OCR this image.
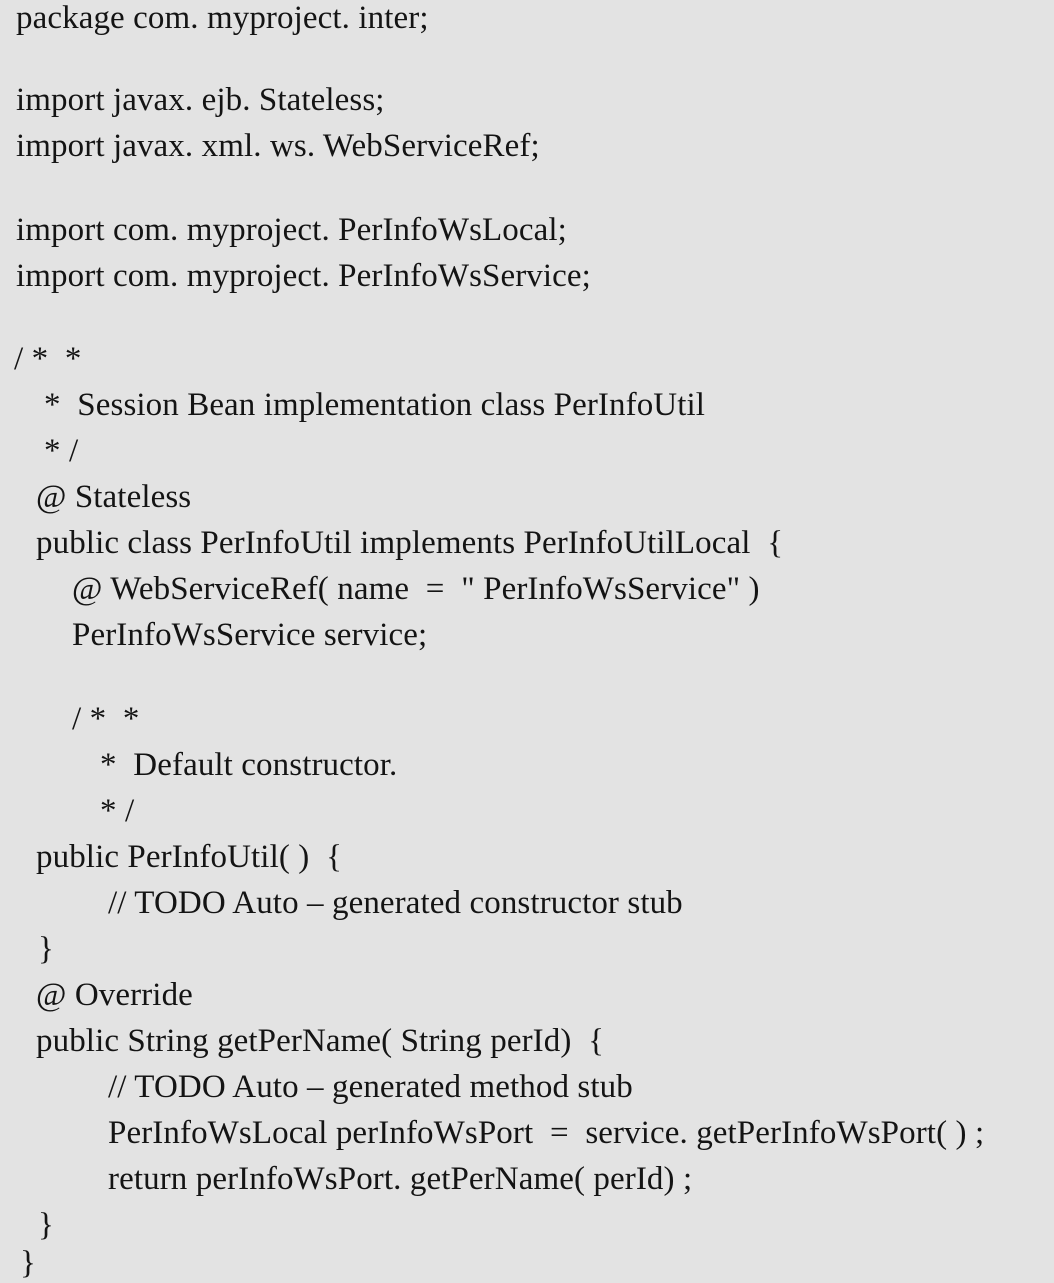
package com. myproject. inter;
import javax. ejb. Stateless;
import javax. xml. ws. WebServiceRef;
import com. myproject. PerInfoWsLocal;
import com. myproject. PerInfoWsService;
/ *  *
*  Session Bean implementation class PerInfoUtil
* /
@ Stateless
public class PerInfoUtil implements PerInfoUtilLocal  {
@ WebServiceRef( name  =  " PerInfoWsService" )
PerInfoWsService service;
/ *  *
*  Default constructor.
* /
public PerInfoUtil( )  {
// TODO Auto – generated constructor stub
}
@ Override
public String getPerName( String perId)  {
// TODO Auto – generated method stub
PerInfoWsLocal perInfoWsPort  =  service. getPerInfoWsPort( ) ;
return perInfoWsPort. getPerName( perId) ;
}
}
